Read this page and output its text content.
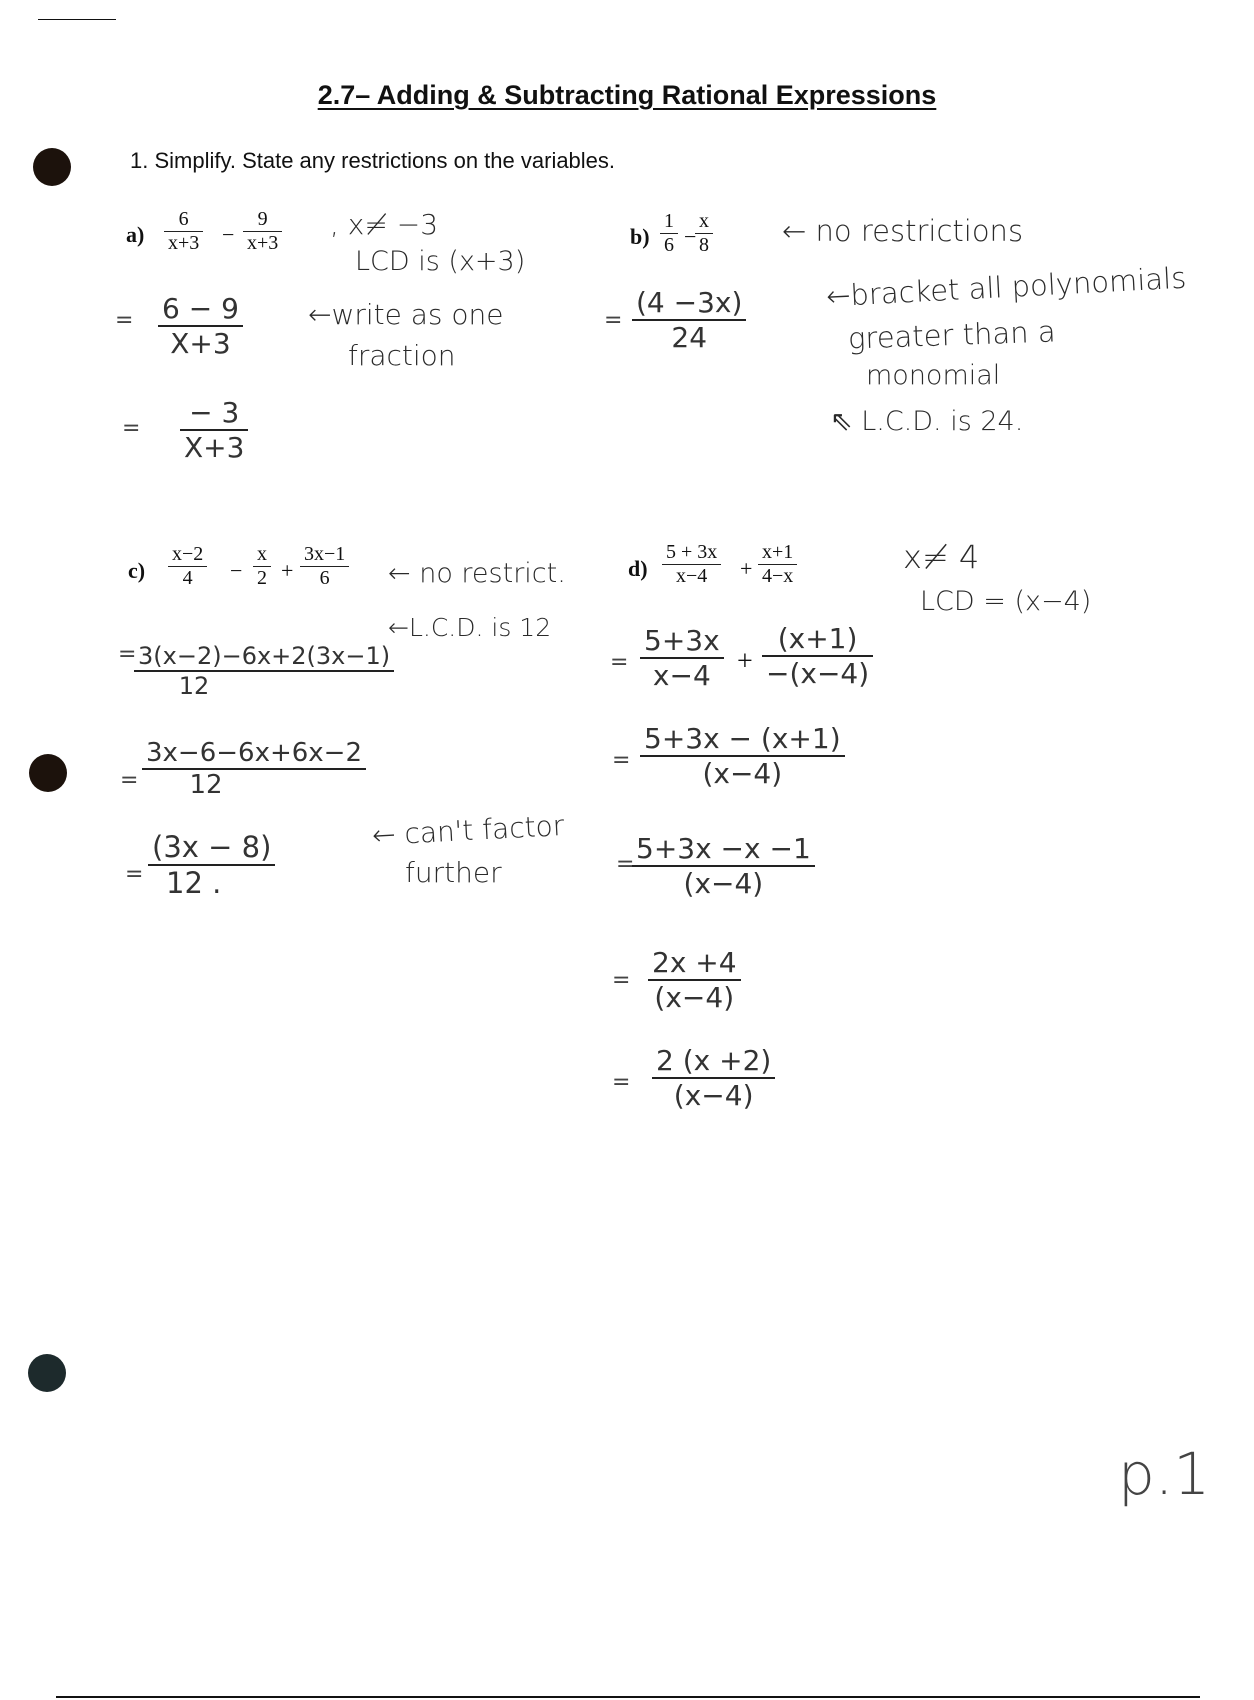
2.7– Adding & Subtracting Rational Expressions
1. Simplify. State any restrictions on the variables.
a)
6
x+3 −
9
x+3
, x≠ −3
LCD is (x+3)
= 6 − 9
X+3
←write as one
fraction
= − 3
X+3
b)
1
6 −
x
8	← no restrictions
=
(4 −3x)
24
←bracket all polynomials
greater than a
monomial
⇖ L.C.D. is 24.
c)
x−2
4 −
x
2 +
3x−1
6 ← no restrict.
←L.C.D. is 12
= 3(x−2)−6x+2(3x−1)
12
=
3x−6−6x+6x−2
12
=
(3x − 8)
12 .
← can't factor
further
d)
5 + 3x
x−4 +
x+1
4−x	x≠ 4
LCD = (x−4)
=
5+3x
x−4 +
(x+1)
−(x−4)
=
5+3x − (x+1)
(x−4)
= 5+3x −x −1
(x−4)
=
2x +4
(x−4)
=
2 (x +2)
(x−4)
p.1
